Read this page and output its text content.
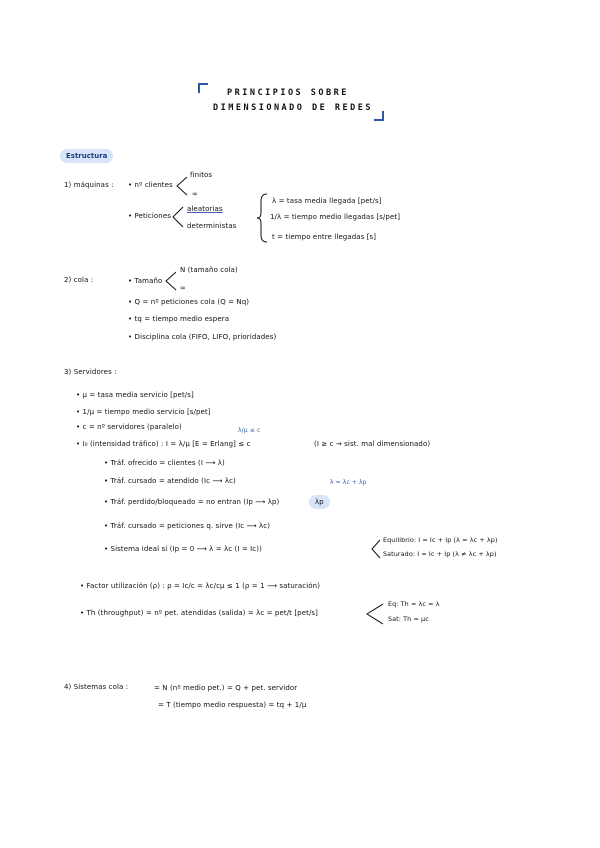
PRINCIPIOS SOBRE
DIMENSIONADO DE REDES
Estructura
1) máquinas : • nº clientes
finitos
∞
• Peticiones
aleatorias
deterministas
λ = tasa media llegada [pet/s]
1/λ = tiempo medio llegadas [s/pet]
t = tiempo entre llegadas [s]
2) cola :	• Tamaño
N (tamaño cola)
∞
• Q = nº peticiones cola (Q = Nq)
• tq = tiempo medio espera
• Disciplina cola (FIFO, LIFO, prioridades)
3) Servidores :
• μ = tasa media servicio [pet/s]
• 1/μ = tiempo medio servicio [s/pet]
• c = nº servidores (paralelo)	λ/μ ≤ c
• I₀ (intensidad tráfico) : I = λ/μ [E = Erlang] ≤ c	(I ≥ c → sist. mal dimensionado)
• Tráf. ofrecido = clientes (I ⟶ λ)
• Tráf. cursado = atendido (Ic ⟶ λc)	λ = λc + λp
• Tráf. perdido/bloqueado = no entran (Ip ⟶ λp)	λp
• Tráf. cursado = peticiones q. sirve (Ic ⟶ λc)
• Sistema ideal si (Ip = 0 ⟶ λ = λc (I = Ic))
Equilibrio: I = Ic + Ip (λ = λc + λp)
Saturado: I = Ic + Ip (λ ≠ λc + λp)
• Factor utilización (ρ) : ρ = Ic/c = λc/cμ ≤ 1 (ρ = 1 ⟶ saturación)
• Th (throughput) = nº pet. atendidas (salida) = λc = pet/t [pet/s]
Eq: Th = λc = λ
Sat: Th = μc
4) Sistemas cola :	= N (nº medio pet.) = Q + pet. servidor
= T (tiempo medio respuesta) = tq + 1/μ
